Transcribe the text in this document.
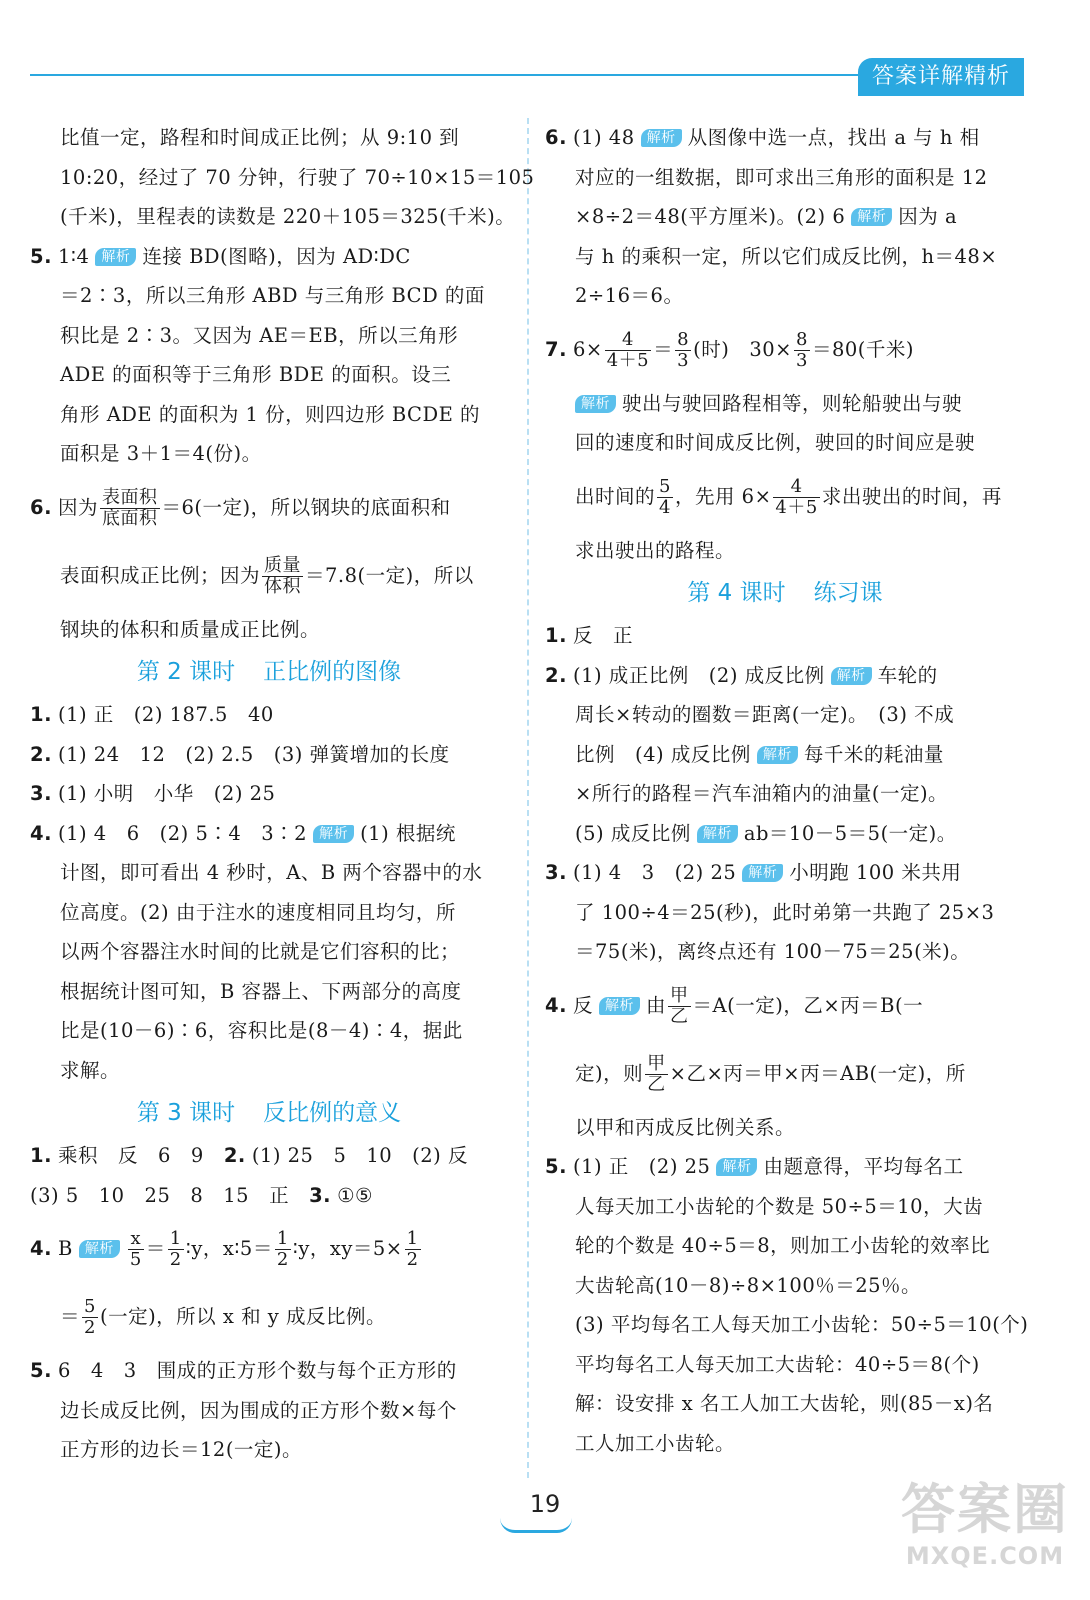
答案详解精析
比值一定，路程和时间成正比例；从 9:10 到
10:20，经过了 70 分钟，行驶了 70÷10×15＝105
(千米)，里程表的读数是 220＋105＝325(千米)。
5. 1∶4 解析 连接 BD(图略)，因为 AD∶DC
＝2∶3，所以三角形 ABD 与三角形 BCD 的面
积比是 2∶3。又因为 AE＝EB，所以三角形
ADE 的面积等于三角形 BDE 的面积。设三
角形 ADE 的面积为 1 份，则四边形 BCDE 的
面积是 3＋1＝4(份)。
6. 因为 $\frac{\text{表面积}}{\text{底面积}} =6$(一定)，所以钢块的底面积和
表面积成正比例；因为 $\frac{\text{质量}}{\text{体积}} =7.8$(一定)，所以
钢块的体积和质量成正比例。
第 2 课时 正比例的图像
1. (1) 正　(2) 187.5　40
2. (1) 24　12　(2) 2.5　(3) 弹簧增加的长度
3. (1) 小明　小华　(2) 25
4. (1) 4　6　(2) 5∶4　3∶2 解析 (1) 根据统
计图，即可看出 4 秒时，A、B 两个容器中的水
位高度。(2) 由于注水的速度相同且均匀，所
以两个容器注水时间的比就是它们容积的比；
根据统计图可知，B 容器上、下两部分的高度
比是(10－6)∶6，容积比是(8－4)∶4，据此
求解。
第 3 课时 反比例的意义
1. 乘积　反　6　9　 2. (1) 25　5　10　(2) 反
(3) 5　10　25　8　15　正　 3. ①⑤
4. B 解析 $\frac{x}{5} = \frac{1}{2}$ ∶y，x∶5＝ $\frac{1}{2}$ ∶y，$xy=5\times \frac{1}{2}$
＝ $\frac{5}{2}$ (一定)，所以 x 和 y 成反比例。
5. 6　4　3　围成的正方形个数与每个正方形的
边长成反比例，因为围成的正方形个数×每个
正方形的边长＝12(一定)。
6. (1) 48 解析 从图像中选一点，找出 a 与 h 相
对应的一组数据，即可求出三角形的面积是 12
×8÷2＝48(平方厘米)。(2) 6 解析 因为 a
与 h 的乘积一定，所以它们成反比例，h＝48×
2÷16＝6。
7. $6\times \frac{4}{4+5} = \frac{8}{3}$ (时)　$30\times \frac{8}{3} =80$(千米)
解析 驶出与驶回路程相等，则轮船驶出与驶
回的速度和时间成反比例，驶回的时间应是驶
出时间的 $\frac{5}{4}$ ，先用 $6\times \frac{4}{4+5}$ 求出驶出的时间，再
求出驶出的路程。
第 4 课时 练习课
1. 反　正
2. (1) 成正比例　(2) 成反比例 解析 车轮的
周长×转动的圈数＝距离(一定)。　(3) 不成
比例　(4) 成反比例 解析 每千米的耗油量
×所行的路程＝汽车油箱内的油量(一定)。
(5) 成反比例 解析 ab＝10－5＝5(一定)。
3. (1) 4　3　(2) 25 解析 小明跑 100 米共用
了 100÷4＝25(秒)，此时弟第一共跑了 25×3
＝75(米)，离终点还有 100－75＝25(米)。
4. 反 解析 由 $\frac{\text{甲}}{\text{乙}} =A$(一定)，乙×丙＝B(一
定)，则 $\frac{\text{甲}}{\text{乙}}$ ×乙×丙＝甲×丙＝AB(一定)，所
以甲和丙成反比例关系。
5. (1) 正　(2) 25 解析 由题意得，平均每名工
人每天加工小齿轮的个数是 50÷5＝10，大齿
轮的个数是 40÷5＝8，则加工小齿轮的效率比
大齿轮高(10－8)÷8×100％＝25％。
(3) 平均每名工人每天加工小齿轮：50÷5＝10(个)
平均每名工人每天加工大齿轮：40÷5＝8(个)
解：设安排 x 名工人加工大齿轮，则(85－x)名
工人加工小齿轮。
19	答案圈
MXQE.COM
